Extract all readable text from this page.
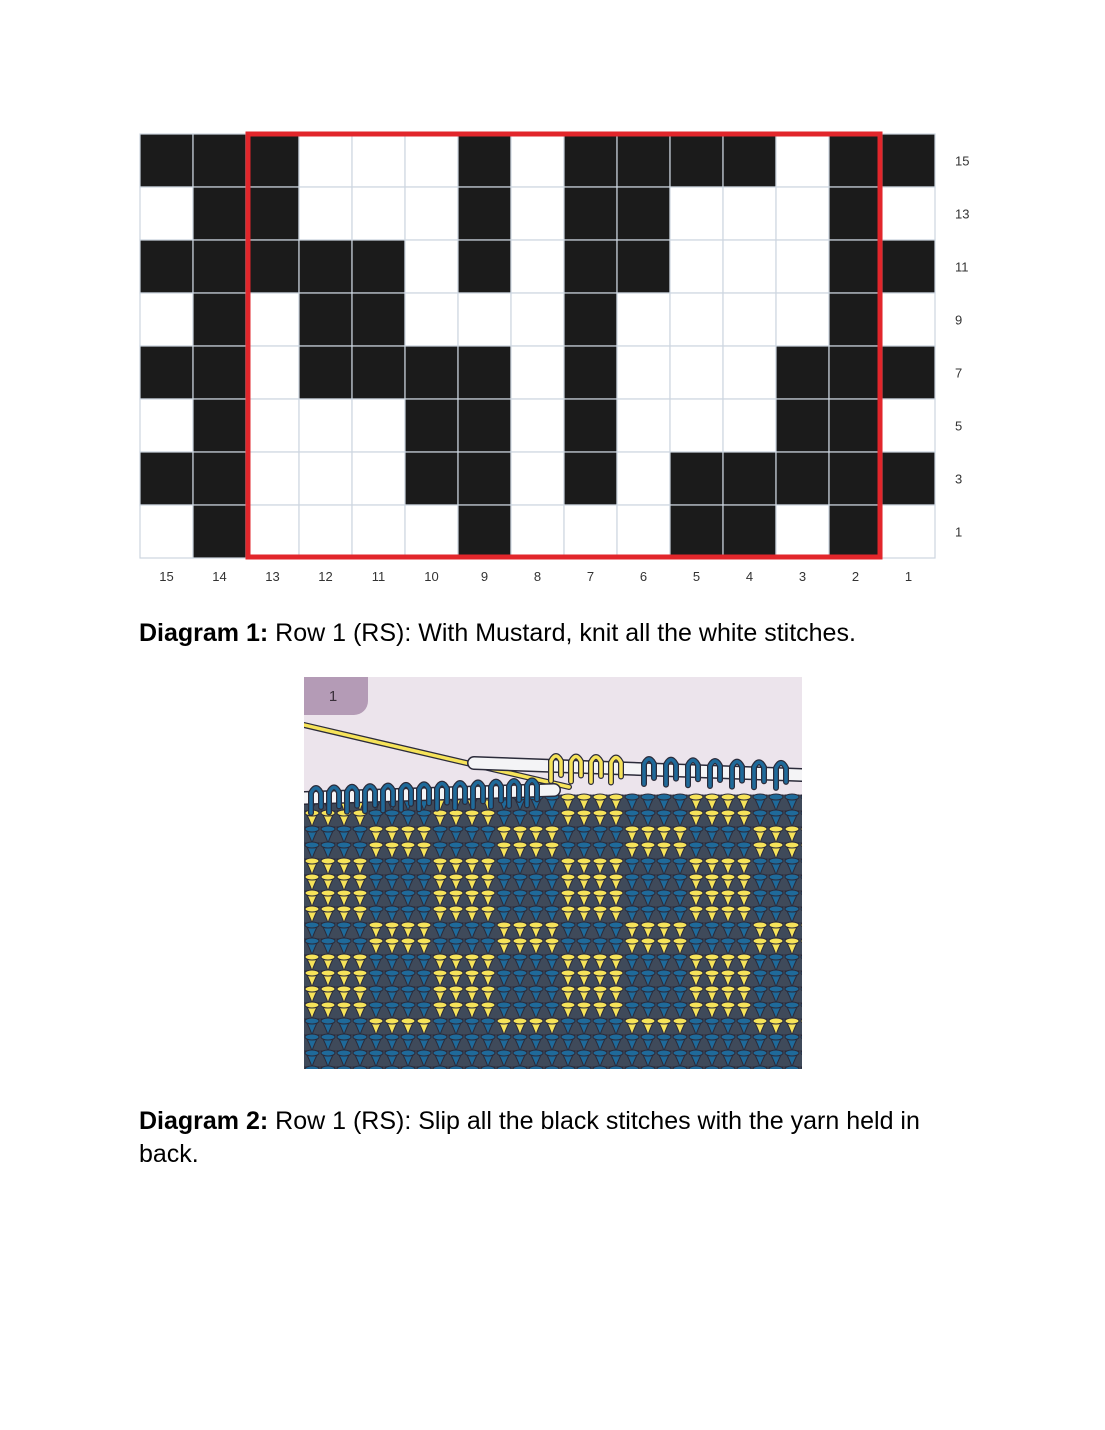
15
13
11
9
7
5
3
1
15	14	13	12	11	10	9	8	7	6	5	4	3	2	1

Diagram 1: Row 1 (RS): With Mustard, knit all the white stitches.

1

Diagram 2: Row 1 (RS): Slip all the black stitches with the yarn held in back.
